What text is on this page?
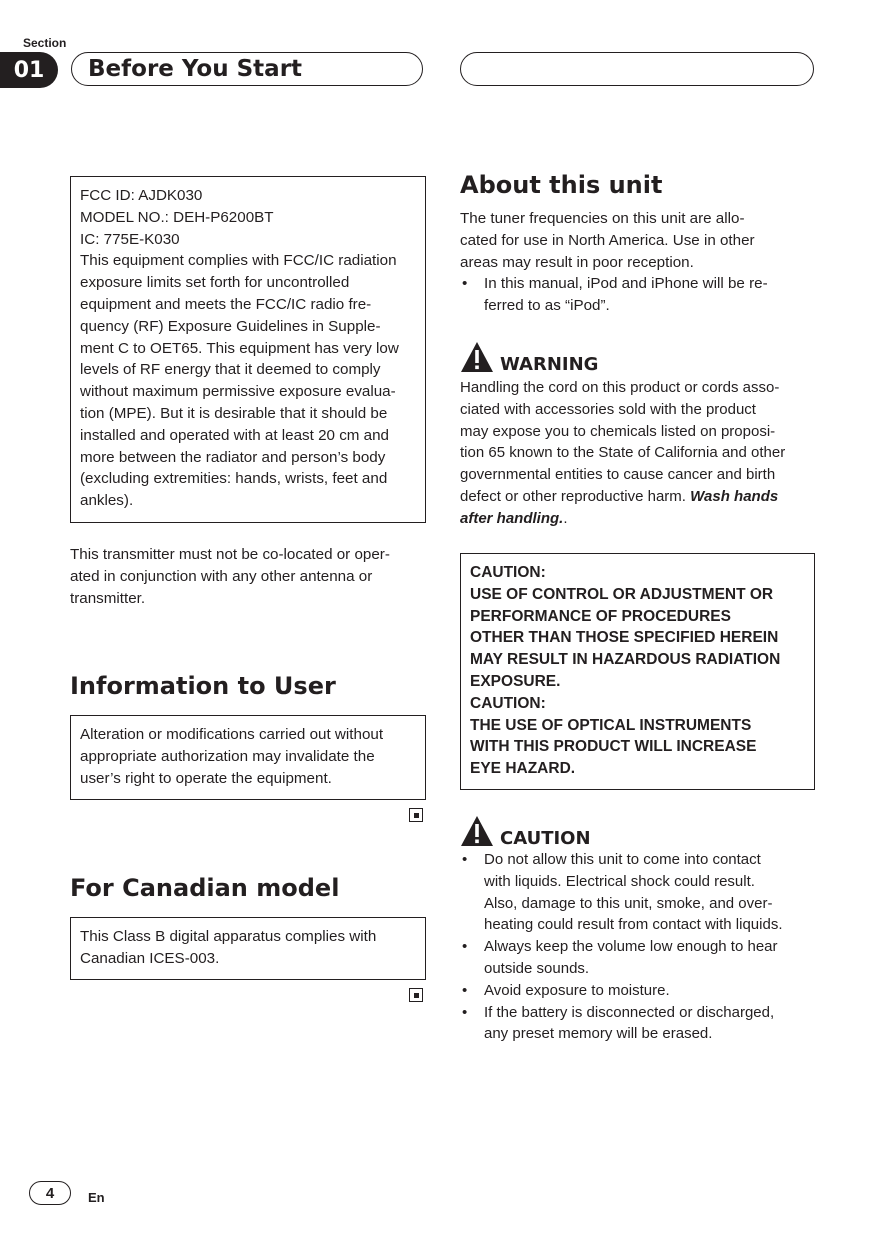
Section
01	Before You Start
FCC ID: AJDK030
MODEL NO.: DEH-P6200BT
IC: 775E-K030
This equipment complies with FCC/IC radiation
exposure limits set forth for uncontrolled
equipment and meets the FCC/IC radio fre-
quency (RF) Exposure Guidelines in Supple-
ment C to OET65. This equipment has very low
levels of RF energy that it deemed to comply
without maximum permissive exposure evalua-
tion (MPE). But it is desirable that it should be
installed and operated with at least 20 cm and
more between the radiator and person’s body
(excluding extremities: hands, wrists, feet and
ankles).
This transmitter must not be co-located or oper-
ated in conjunction with any other antenna or
transmitter.
Information to User
Alteration or modifications carried out without
appropriate authorization may invalidate the
user’s right to operate the equipment.
For Canadian model
This Class B digital apparatus complies with
Canadian ICES-003.
About this unit
The tuner frequencies on this unit are allo-
cated for use in North America. Use in other
areas may result in poor reception.
• In this manual, iPod and iPhone will be re-
ferred to as “iPod”.
WARNING
Handling the cord on this product or cords asso-
ciated with accessories sold with the product
may expose you to chemicals listed on proposi-
tion 65 known to the State of California and other
governmental entities to cause cancer and birth
defect or other reproductive harm. Wash hands
after handling..
CAUTION:
USE OF CONTROL OR ADJUSTMENT OR
PERFORMANCE OF PROCEDURES
OTHER THAN THOSE SPECIFIED HEREIN
MAY RESULT IN HAZARDOUS RADIATION
EXPOSURE.
CAUTION:
THE USE OF OPTICAL INSTRUMENTS
WITH THIS PRODUCT WILL INCREASE
EYE HAZARD.
CAUTION
• Do not allow this unit to come into contact
with liquids. Electrical shock could result.
Also, damage to this unit, smoke, and over-
heating could result from contact with liquids.
• Always keep the volume low enough to hear
outside sounds.
• Avoid exposure to moisture.
• If the battery is disconnected or discharged,
any preset memory will be erased.
4	En
